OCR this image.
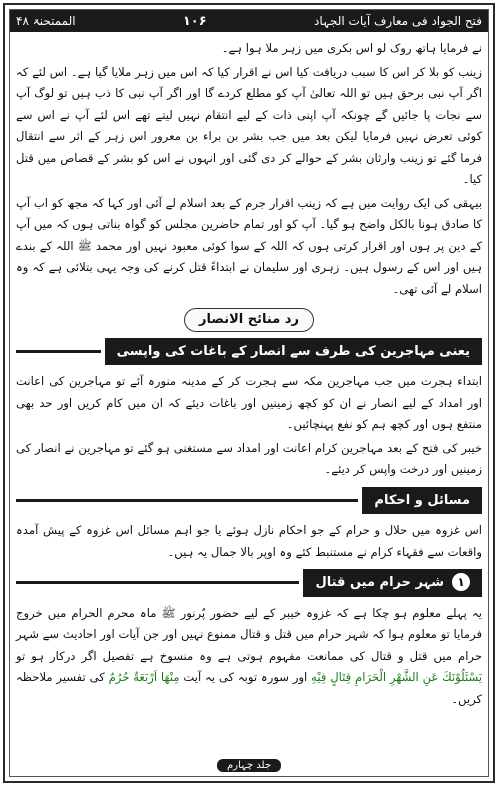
الممتحنۃ ۴۸	۱۰۶	فتح الجواد فی معارف آیات الجہاد

نے فرمایا ہاتھ روک لو اس بکری میں زہر ملا ہوا ہے۔

زینب کو بلا کر اس کا سبب دریافت کیا اس نے اقرار کیا کہ اس میں زہر ملایا گیا ہے۔ اس لئے کہ اگر آپ نبی برحق ہیں تو اللہ تعالیٰ آپ کو مطلع کردے گا اور اگر آپ نبی کا ذب ہیں تو لوگ آپ سے نجات پا جائیں گے چونکہ آپ اپنی ذات کے لیے انتقام نہیں لیتے تھے اس لئے آپ نے اس سے کوئی تعرض نہیں فرمایا لیکن بعد میں جب بشر بن براء بن معرور اس زہر کے اثر سے انتقال فرما گئے تو زینب وارثان بشر کے حوالے کر دی گئی اور انہوں نے اس کو بشر کے قصاص میں قتل کیا۔

بیہقی کی ایک روایت میں ہے کہ زینب اقرار جرم کے بعد اسلام لے آئی اور کہا کہ مجھ کو اب آپ کا صادق ہونا بالکل واضح ہو گیا۔ آپ کو اور تمام حاضرین مجلس کو گواہ بناتی ہوں کہ میں آپ کے دین پر ہوں اور اقرار کرتی ہوں کہ اللہ کے سوا کوئی معبود نہیں اور محمد ﷺ اللہ کے بندے ہیں اور اس کے رسول ہیں۔ زہری اور سلیمان نے ابتداءً قتل کرنے کی وجہ یہی بتلائی ہے کہ وہ اسلام لے آئی تھی۔

رد منائح الانصار
یعنی مہاجرین کی طرف سے انصار کے باغات کی واپسی

ابتداء ہجرت میں جب مہاجرین مکہ سے ہجرت کر کے مدینہ منورہ آئے تو مہاجرین کی اعانت اور امداد کے لیے انصار نے ان کو کچھ زمینیں اور باغات دیئے کہ ان میں کام کریں اور حد بھی منتفع ہوں اور کچھ ہم کو نفع پہنچائیں۔

خیبر کی فتح کے بعد مہاجرین کرام اعانت اور امداد سے مستغنی ہو گئے تو مہاجرین نے انصار کی زمینیں اور درخت واپس کر دیئے۔

مسائل و احکام

اس غزوہ میں حلال و حرام کے جو احکام نازل ہوئے یا جو اہم مسائل اس غزوہ کے پیش آمدہ واقعات سے فقہاء کرام نے مستنبط کئے وہ اوپر بالا جمال یہ ہیں۔

١شہر حرام میں قتال

یہ پہلے معلوم ہو چکا ہے کہ غزوہ خیبر کے لیے حضور پُرنور ﷺ ماہ محرم الحرام میں خروج فرمایا تو معلوم ہوا کہ شہر حرام میں قتل و قتال ممنوع نہیں اور جن آیات اور احادیث سے شہر حرام میں قتل و قتال کی ممانعت مفہوم ہوتی ہے وہ منسوخ ہے تفصیل اگر درکار ہو تو یَسْئَلُوْنَكَ عَنِ الشَّهْرِ الْحَرَامِ قِتَالٍ فِیْهِ اور سورہ توبہ کی یہ آیت مِنْهَا اَرْبَعَةٌ حُرُمٌ کی تفسیر ملاحظہ کریں۔

جلد چہارم
